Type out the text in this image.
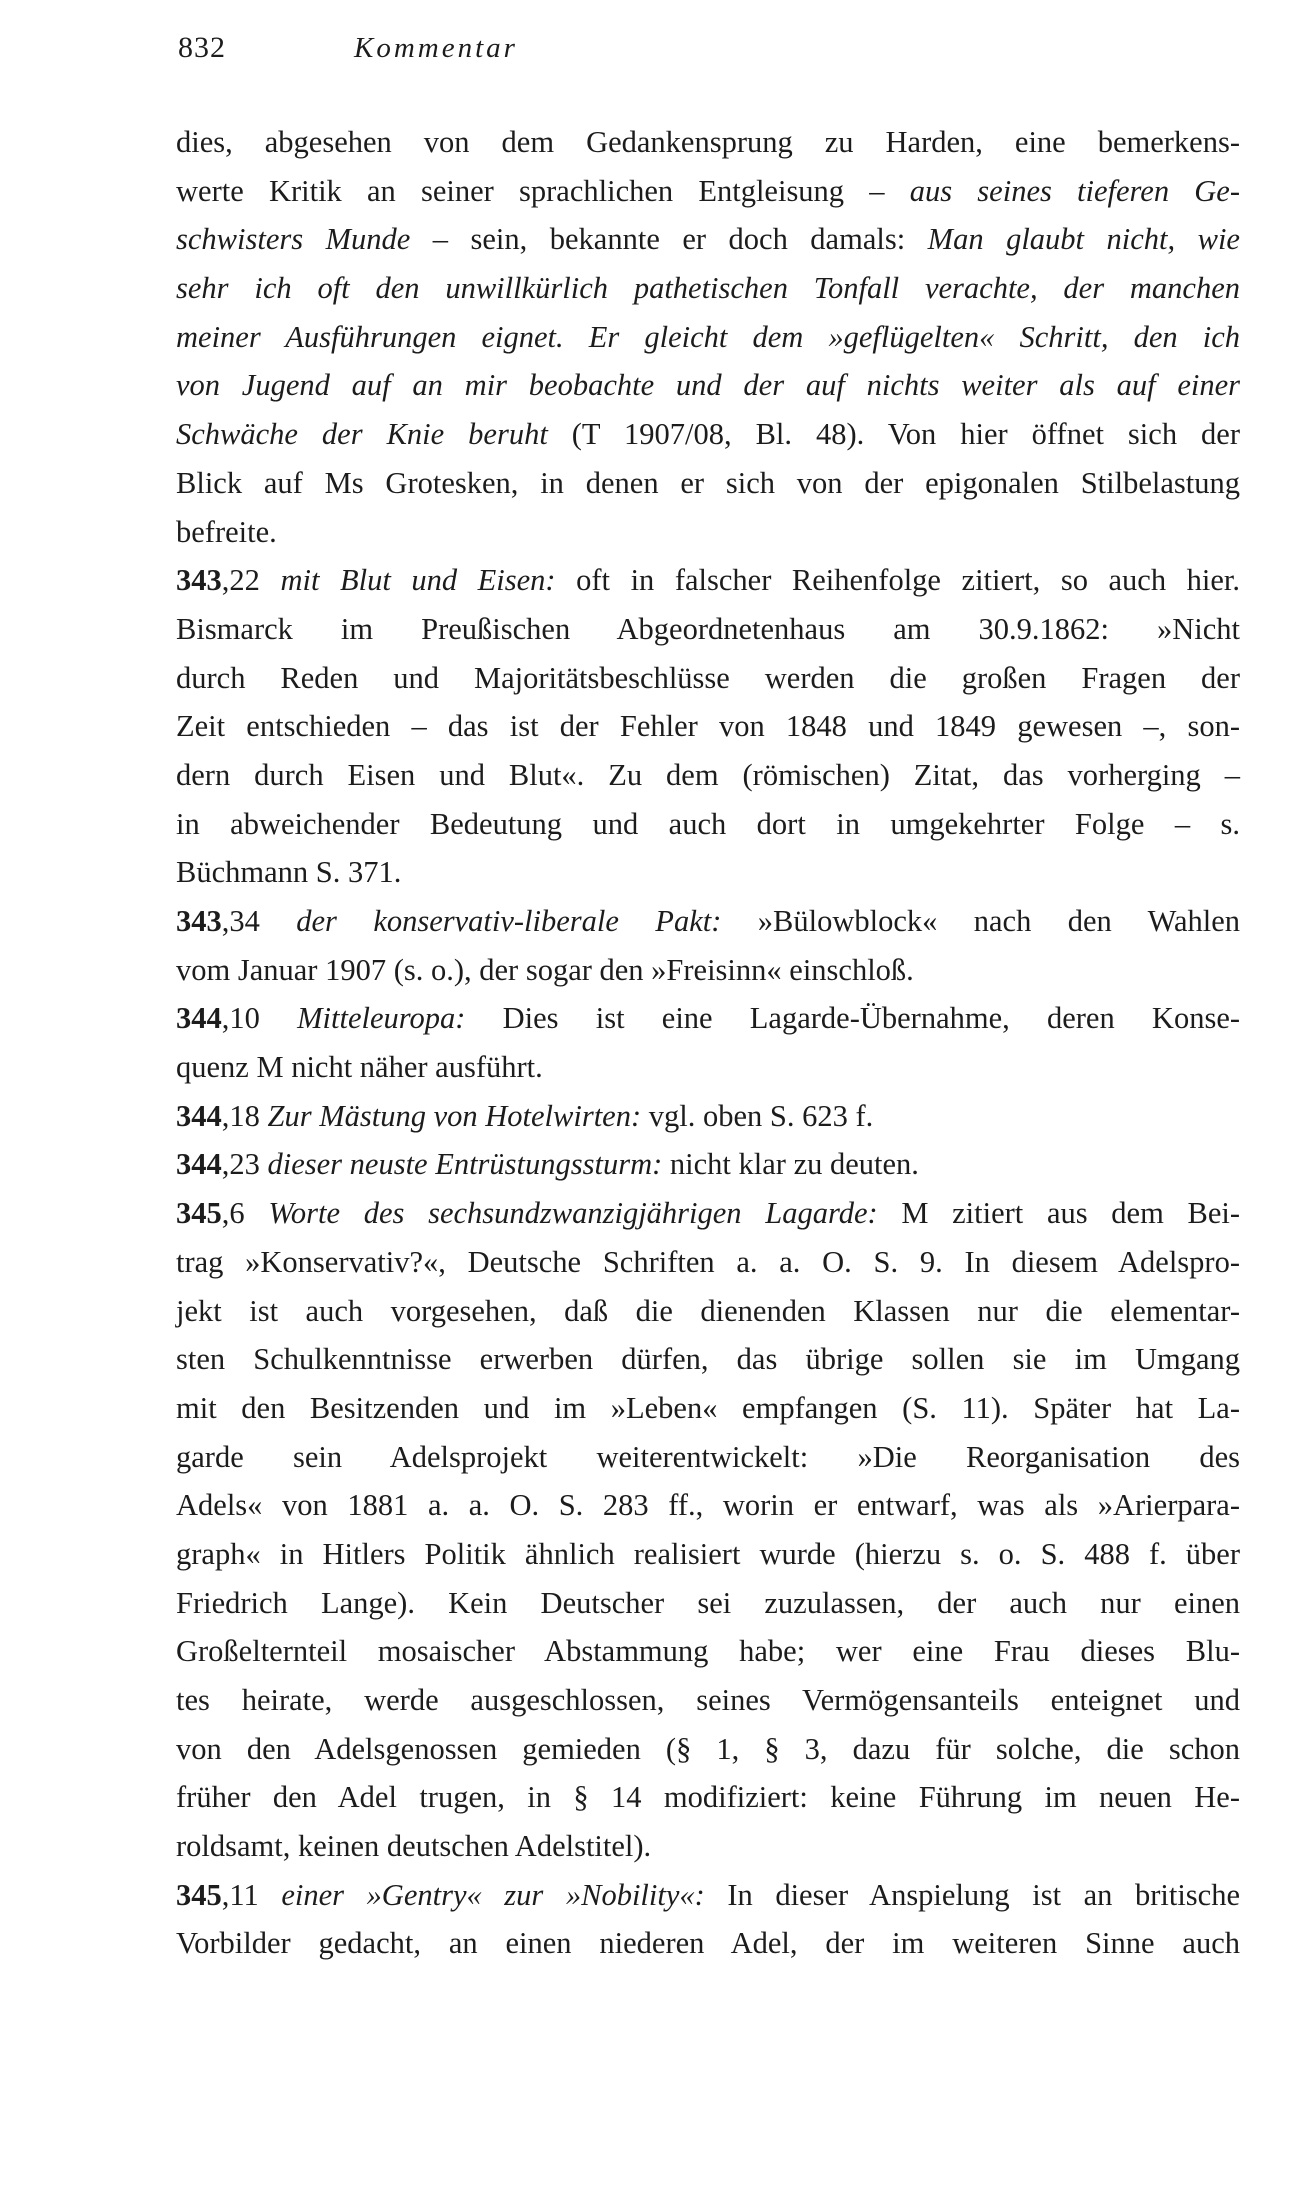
832	Kommentar
dies, abgesehen von dem Gedankensprung zu Harden, eine bemerkens-
werte Kritik an seiner sprachlichen Entgleisung – aus seines tieferen Ge-
schwisters Munde – sein, bekannte er doch damals: Man glaubt nicht, wie
sehr ich oft den unwillkürlich pathetischen Tonfall verachte, der manchen
meiner Ausführungen eignet. Er gleicht dem »geflügelten« Schritt, den ich
von Jugend auf an mir beobachte und der auf nichts weiter als auf einer
Schwäche der Knie beruht (T 1907/08, Bl. 48). Von hier öffnet sich der
Blick auf Ms Grotesken, in denen er sich von der epigonalen Stilbelastung
befreite.
343,22 mit Blut und Eisen: oft in falscher Reihenfolge zitiert, so auch hier.
Bismarck im Preußischen Abgeordnetenhaus am 30.9.1862: »Nicht
durch Reden und Majoritätsbeschlüsse werden die großen Fragen der
Zeit entschieden – das ist der Fehler von 1848 und 1849 gewesen –, son-
dern durch Eisen und Blut«. Zu dem (römischen) Zitat, das vorherging –
in abweichender Bedeutung und auch dort in umgekehrter Folge – s.
Büchmann S. 371.
343,34 der konservativ-liberale Pakt: »Bülowblock« nach den Wahlen
vom Januar 1907 (s. o.), der sogar den »Freisinn« einschloß.
344,10 Mitteleuropa: Dies ist eine Lagarde-Übernahme, deren Konse-
quenz M nicht näher ausführt.
344,18 Zur Mästung von Hotelwirten: vgl. oben S. 623 f.
344,23 dieser neuste Entrüstungssturm: nicht klar zu deuten.
345,6 Worte des sechsundzwanzigjährigen Lagarde: M zitiert aus dem Bei-
trag »Konservativ?«, Deutsche Schriften a. a. O. S. 9. In diesem Adelspro-
jekt ist auch vorgesehen, daß die dienenden Klassen nur die elementar-
sten Schulkenntnisse erwerben dürfen, das übrige sollen sie im Umgang
mit den Besitzenden und im »Leben« empfangen (S. 11). Später hat La-
garde sein Adelsprojekt weiterentwickelt: »Die Reorganisation des
Adels« von 1881 a. a. O. S. 283 ff., worin er entwarf, was als »Arierpara-
graph« in Hitlers Politik ähnlich realisiert wurde (hierzu s. o. S. 488 f. über
Friedrich Lange). Kein Deutscher sei zuzulassen, der auch nur einen
Großelternteil mosaischer Abstammung habe; wer eine Frau dieses Blu-
tes heirate, werde ausgeschlossen, seines Vermögensanteils enteignet und
von den Adelsgenossen gemieden (§ 1, § 3, dazu für solche, die schon
früher den Adel trugen, in § 14 modifiziert: keine Führung im neuen He-
roldsamt, keinen deutschen Adelstitel).
345,11 einer »Gentry« zur »Nobility«: In dieser Anspielung ist an britische
Vorbilder gedacht, an einen niederen Adel, der im weiteren Sinne auch
